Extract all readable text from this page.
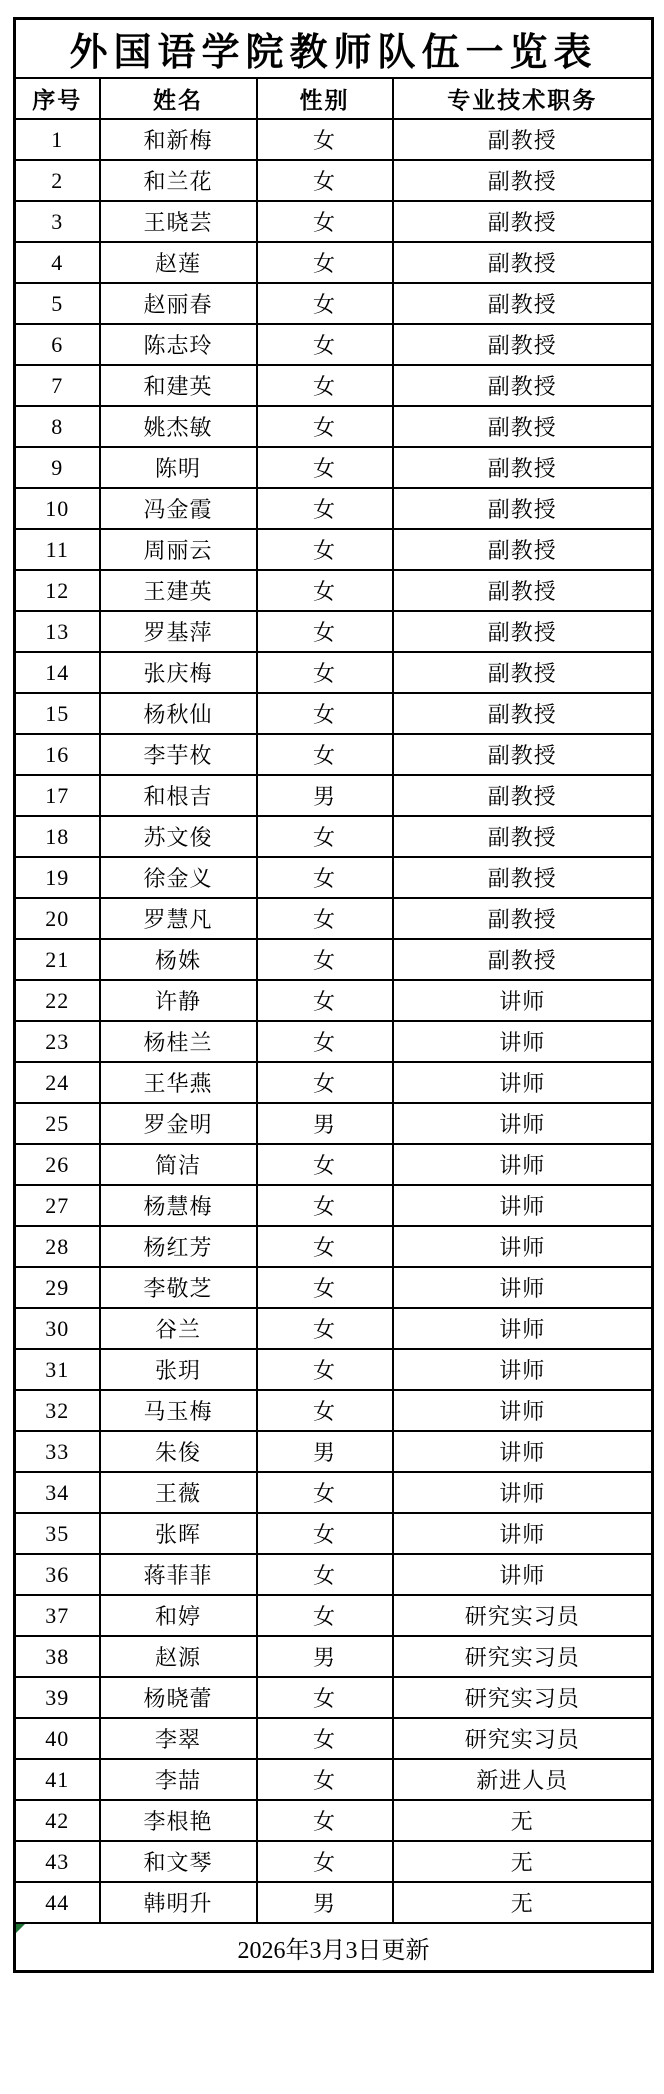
外国语学院教师队伍一览表			
序号	姓名	性别	专业技术职务
1	和新梅	女	副教授
2	和兰花	女	副教授
3	王晓芸	女	副教授
4	赵莲	女	副教授
5	赵丽春	女	副教授
6	陈志玲	女	副教授
7	和建英	女	副教授
8	姚杰敏	女	副教授
9	陈明	女	副教授
10	冯金霞	女	副教授
11	周丽云	女	副教授
12	王建英	女	副教授
13	罗基萍	女	副教授
14	张庆梅	女	副教授
15	杨秋仙	女	副教授
16	李芋枚	女	副教授
17	和根吉	男	副教授
18	苏文俊	女	副教授
19	徐金义	女	副教授
20	罗慧凡	女	副教授
21	杨姝	女	副教授
22	许静	女	讲师
23	杨桂兰	女	讲师
24	王华燕	女	讲师
25	罗金明	男	讲师
26	简洁	女	讲师
27	杨慧梅	女	讲师
28	杨红芳	女	讲师
29	李敬芝	女	讲师
30	谷兰	女	讲师
31	张玥	女	讲师
32	马玉梅	女	讲师
33	朱俊	男	讲师
34	王薇	女	讲师
35	张晖	女	讲师
36	蒋菲菲	女	讲师
37	和婷	女	研究实习员
38	赵源	男	研究实习员
39	杨晓蕾	女	研究实习员
40	李翠	女	研究实习员
41	李喆	女	新进人员
42	李根艳	女	无
43	和文琴	女	无
44	韩明升	男	无

2026年3月3日更新			
